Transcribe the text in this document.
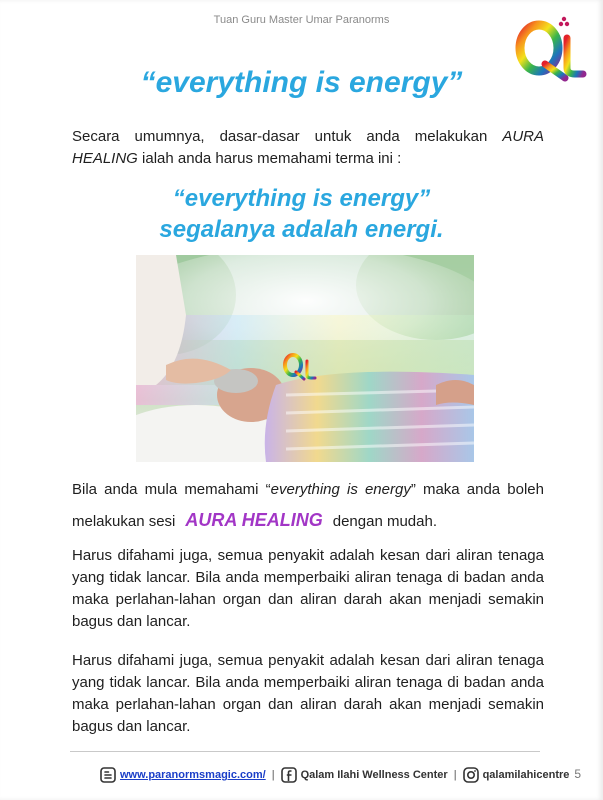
Tuan Guru Master Umar Paranorms
“everything is energy”
Secara umumnya, dasar-dasar untuk anda melakukan AURA HEALING ialah anda harus memahami terma ini :
“everything is energy”
segalanya adalah energi.
Bila anda mula memahami “everything is energy” maka anda boleh melakukan sesi AURA HEALING dengan mudah.
Harus difahami juga, semua penyakit adalah kesan dari aliran tenaga yang tidak lancar. Bila anda memperbaiki aliran tenaga di badan anda maka perlahan-lahan organ dan aliran darah akan menjadi semakin bagus dan lancar.
Harus difahami juga, semua penyakit adalah kesan dari aliran tenaga yang tidak lancar. Bila anda memperbaiki aliran tenaga di badan anda maka perlahan-lahan organ dan aliran darah akan menjadi semakin bagus dan lancar.
www.paranormsmagic.com/ | Qalam Ilahi Wellness Center | qalamilahicentre 5
